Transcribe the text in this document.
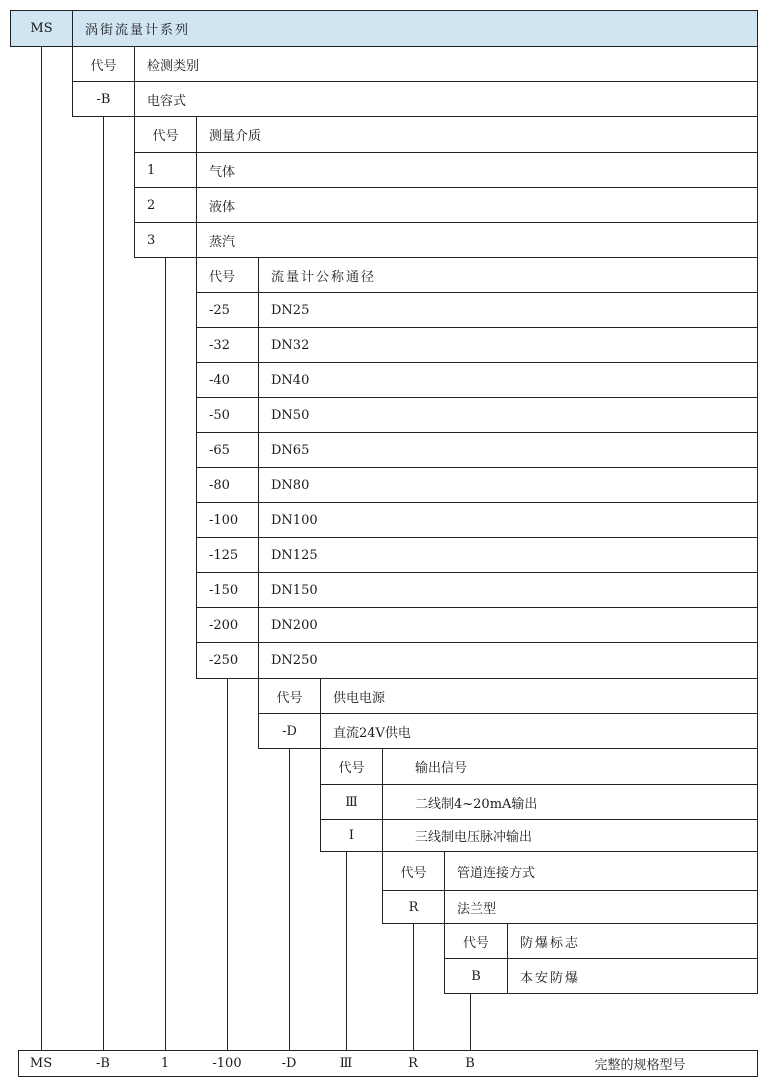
MS 涡街流量计系列
代号 检测类别
-B	电容式
代号 测量介质
1	气体
2	液体
3	蒸汽
代号	流量计公称通径
-25	DN25
-32	DN32
-40	DN40
-50	DN50
-65	DN65
-80	DN80
-100	DN100
-125	DN125
-150	DN150
-200	DN200
-250	DN250
代号 供电电源
-D	直流24V供电
代号	输出信号
Ⅲ	二线制4~20mA输出
Ⅰ	三线制电压脉冲输出
代号 管道连接方式
R	法兰型
代号 防爆标志
B	本安防爆
MS	-B	1	-100	-D	Ⅲ	R	B	完整的规格型号
